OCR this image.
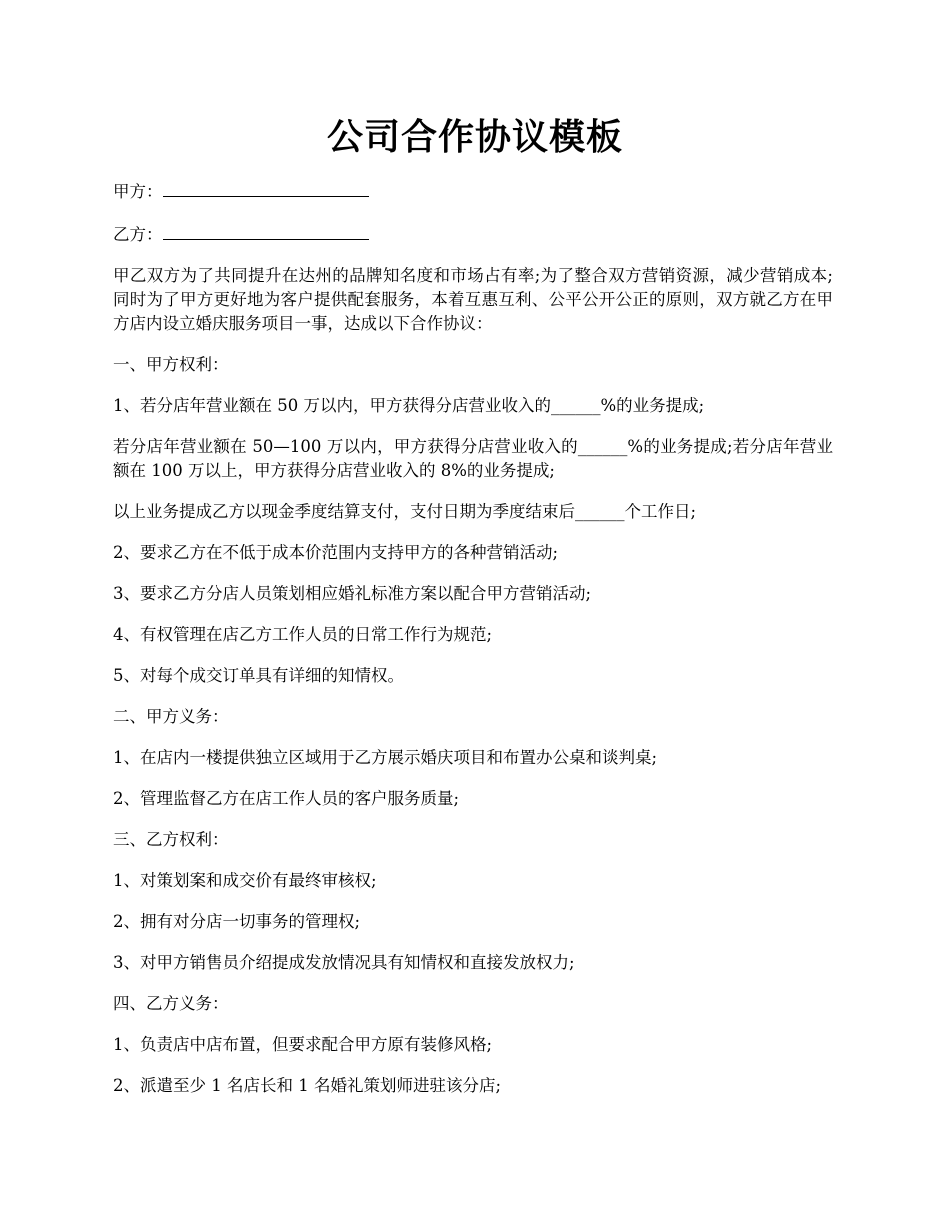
公司合作协议模板

甲方：

乙方：

甲乙双方为了共同提升在达州的品牌知名度和市场占有率;为了整合双方营销资源，减少营销成本;同时为了甲方更好地为客户提供配套服务，本着互惠互利、公平公开公正的原则，双方就乙方在甲方店内设立婚庆服务项目一事，达成以下合作协议：

一、甲方权利：

1、若分店年营业额在 50 万以内，甲方获得分店营业收入的______%的业务提成;

若分店年营业额在 50—100 万以内，甲方获得分店营业收入的______%的业务提成;若分店年营业额在 100 万以上，甲方获得分店营业收入的 8%的业务提成;

以上业务提成乙方以现金季度结算支付，支付日期为季度结束后______个工作日;

2、要求乙方在不低于成本价范围内支持甲方的各种营销活动;

3、要求乙方分店人员策划相应婚礼标准方案以配合甲方营销活动;

4、有权管理在店乙方工作人员的日常工作行为规范;

5、对每个成交订单具有详细的知情权。

二、甲方义务：

1、在店内一楼提供独立区域用于乙方展示婚庆项目和布置办公桌和谈判桌;

2、管理监督乙方在店工作人员的客户服务质量;

三、乙方权利：

1、对策划案和成交价有最终审核权;

2、拥有对分店一切事务的管理权;

3、对甲方销售员介绍提成发放情况具有知情权和直接发放权力;

四、乙方义务：

1、负责店中店布置，但要求配合甲方原有装修风格;

2、派遣至少 1 名店长和 1 名婚礼策划师进驻该分店;
